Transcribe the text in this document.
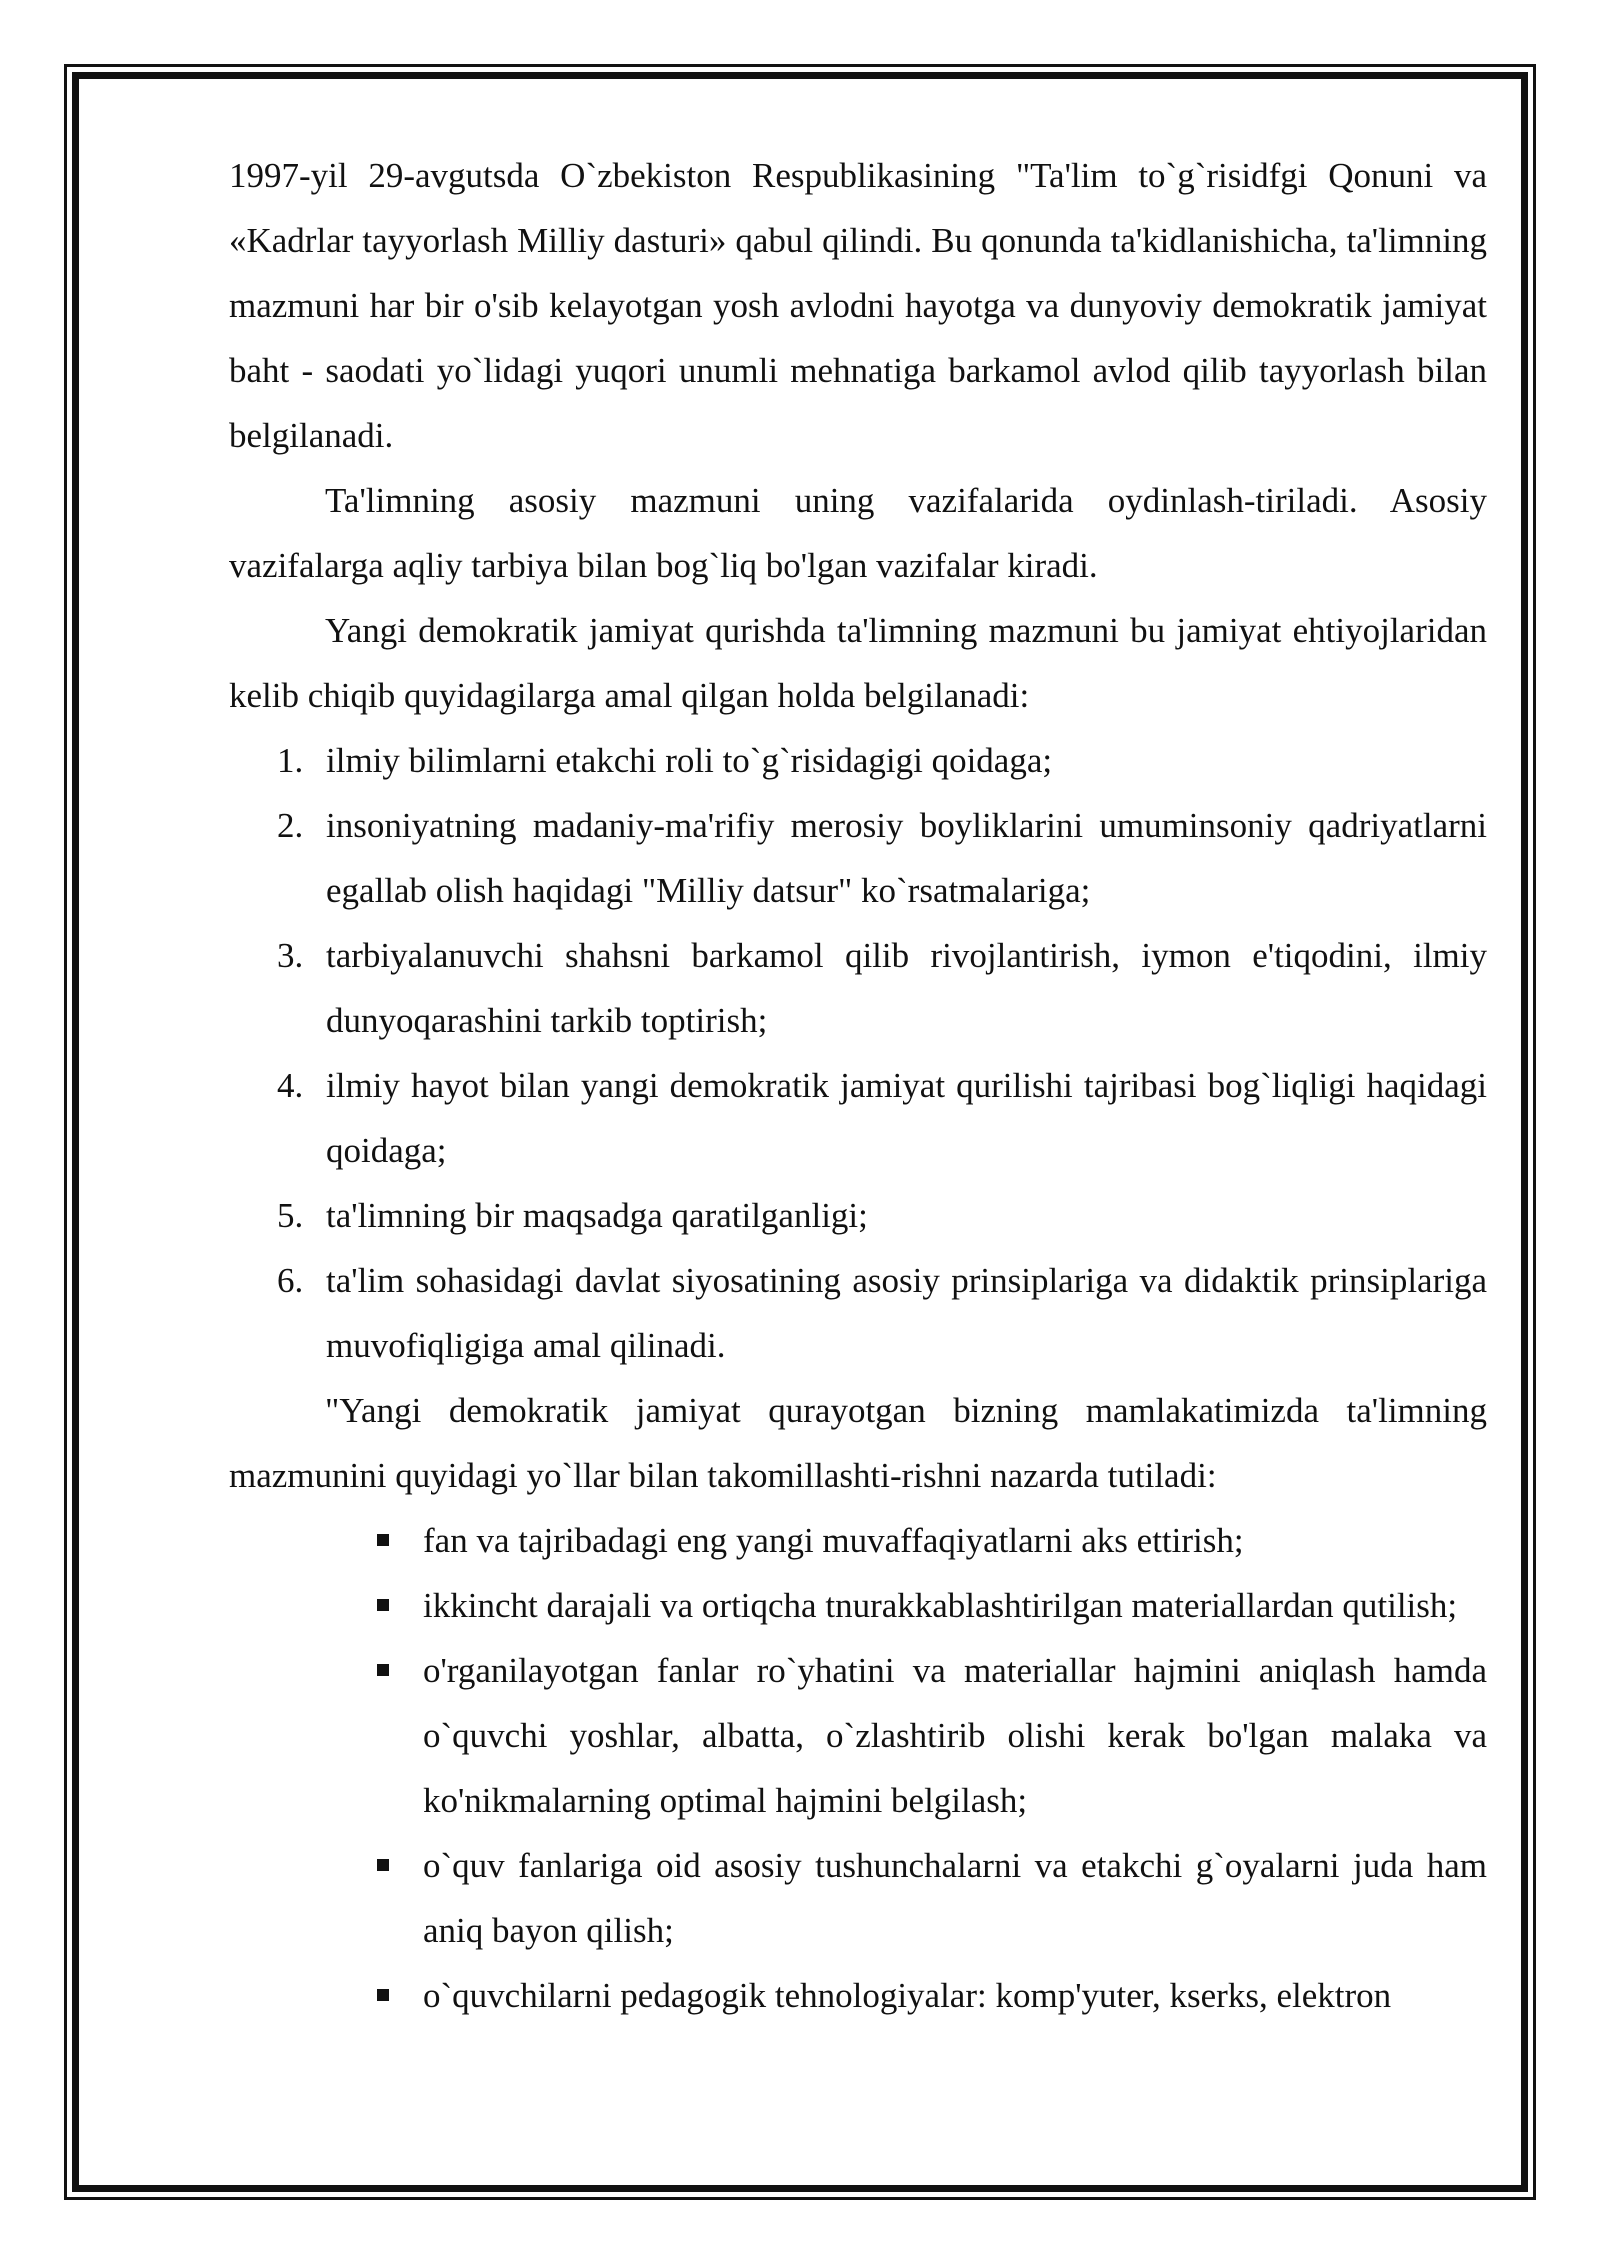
1997-yil 29-avgutsda O`zbekiston Respublikasining "Ta'lim to`g`risidfgi Qonuni va «Kadrlar tayyorlash Milliy dasturi» qabul qilindi. Bu qonunda ta'kidlanishicha, ta'limning mazmuni har bir o'sib kelayotgan yosh avlodni hayotga va dunyoviy demokratik jamiyat baht - saodati yo`lidagi yuqori unumli mehnatiga barkamol avlod qilib tayyorlash bilan belgilanadi.

Ta'limning asosiy mazmuni uning vazifalarida oydinlash-tiriladi. Asosiy vazifalarga aqliy tarbiya bilan bog`liq bo'lgan vazifalar kiradi.

Yangi demokratik jamiyat qurishda ta'limning mazmuni bu jamiyat ehtiyojlaridan kelib chiqib quyidagilarga amal qilgan holda belgilanadi:

1. ilmiy bilimlarni etakchi roli to`g`risidagigi qoidaga;
2. insoniyatning madaniy-ma'rifiy merosiy boyliklarini umuminsoniy qadriyatlarni egallab olish haqidagi "Milliy datsur" ko`rsatmalariga;
3. tarbiyalanuvchi shahsni barkamol qilib rivojlantirish, iymon e'tiqodini, ilmiy dunyoqarashini tarkib toptirish;
4. ilmiy hayot bilan yangi demokratik jamiyat qurilishi tajribasi bog`liqligi haqidagi qoidaga;
5. ta'limning bir maqsadga qaratilganligi;
6. ta'lim sohasidagi davlat siyosatining asosiy prinsiplariga va didaktik prinsiplariga muvofiqligiga amal qilinadi.

"Yangi demokratik jamiyat qurayotgan bizning mamlakatimizda ta'limning mazmunini quyidagi yo`llar bilan takomillashti-rishni nazarda tutiladi:

fan va tajribadagi eng yangi muvaffaqiyatlarni aks ettirish;
ikkincht darajali va ortiqcha tnurakkablashtirilgan materiallardan qutilish;
o'rganilayotgan fanlar ro`yhatini va materiallar hajmini aniqlash hamda o`quvchi yoshlar, albatta, o`zlashtirib olishi kerak bo'lgan malaka va ko'nikmalarning optimal hajmini belgilash;
o`quv fanlariga oid asosiy tushunchalarni va etakchi g`oyalarni juda ham aniq bayon qilish;
o`quvchilarni pedagogik tehnologiyalar: komp'yuter, kserks, elektron
